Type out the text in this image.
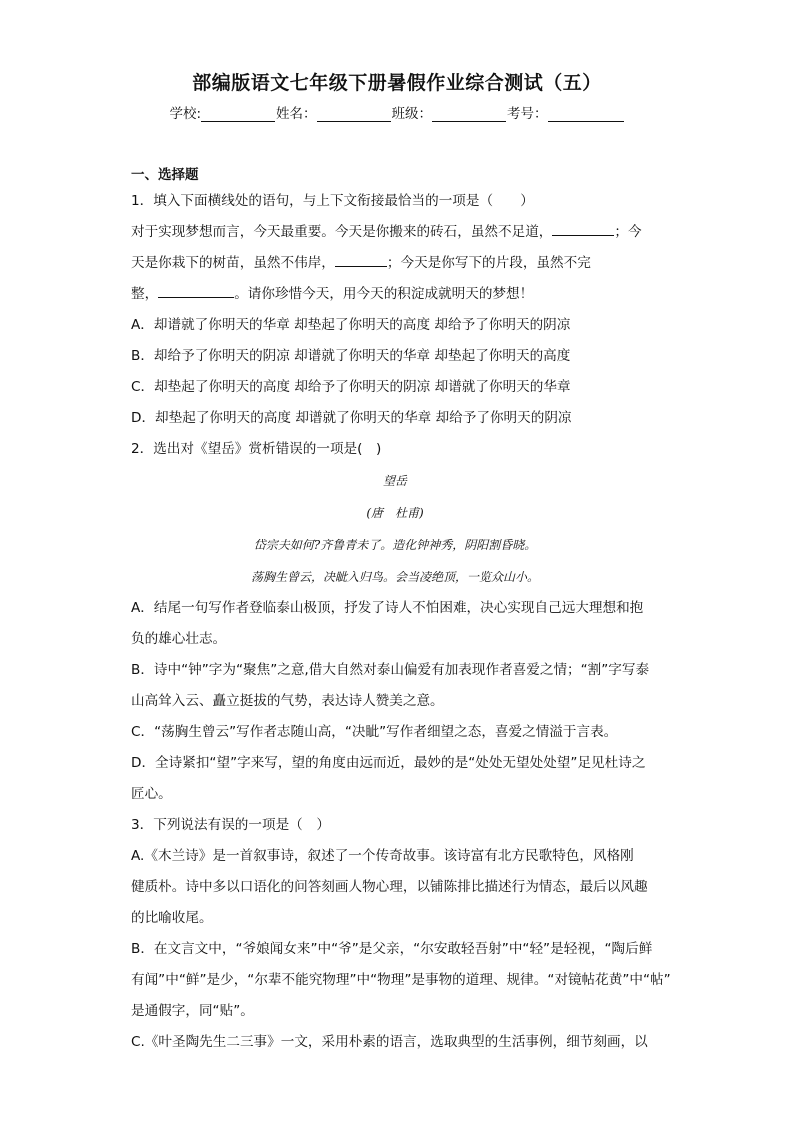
部编版语文七年级下册暑假作业综合测试（五）
学校:	姓名：	班级：	考号：
一、选择题
1．填入下面横线处的语句，与上下文衔接最恰当的一项是（　　）
对于实现梦想而言，今天最重要。今天是你搬来的砖石，虽然不足道，	；今
天是你栽下的树苗，虽然不伟岸，	；今天是你写下的片段，虽然不完
整，	。请你珍惜今天，用今天的积淀成就明天的梦想！
A．却谱就了你明天的华章 却垫起了你明天的高度 却给予了你明天的阴凉
B．却给予了你明天的阴凉 却谱就了你明天的华章 却垫起了你明天的高度
C．却垫起了你明天的高度 却给予了你明天的阴凉 却谱就了你明天的华章
D．却垫起了你明天的高度 却谱就了你明天的华章 却给予了你明天的阴凉
2．选出对《望岳》赏析错误的一项是(　)
望岳
(唐　杜甫)
岱宗夫如何?齐鲁青未了。造化钟神秀，阴阳割昏晓。
荡胸生曾云，决眦入归鸟。会当凌绝顶，一览众山小。
A．结尾一句写作者登临泰山极顶，抒发了诗人不怕困难，决心实现自己远大理想和抱
负的雄心壮志。
B．诗中“钟”字为“聚焦”之意,借大自然对泰山偏爱有加表现作者喜爱之情；“割”字写泰
山高耸入云、矗立挺拔的气势，表达诗人赞美之意。
C．“荡胸生曾云”写作者志随山高，“决眦”写作者细望之态，喜爱之情溢于言表。
D．全诗紧扣“望”字来写，望的角度由远而近，最妙的是“处处无望处处望”足见杜诗之
匠心。
3．下列说法有误的一项是（　）
A.《木兰诗》是一首叙事诗，叙述了一个传奇故事。该诗富有北方民歌特色，风格刚
健质朴。诗中多以口语化的问答刻画人物心理，以铺陈排比描述行为情态，最后以风趣
的比喻收尾。
B．在文言文中，“爷娘闻女来”中“爷”是父亲，“尔安敢轻吾射”中“轻”是轻视，“陶后鲜
有闻”中“鲜”是少，“尔辈不能究物理”中“物理”是事物的道理、规律。“对镜帖花黄”中“帖”
是通假字，同“贴”。
C.《叶圣陶先生二三事》一文，采用朴素的语言，选取典型的生活事例，细节刻画，以
